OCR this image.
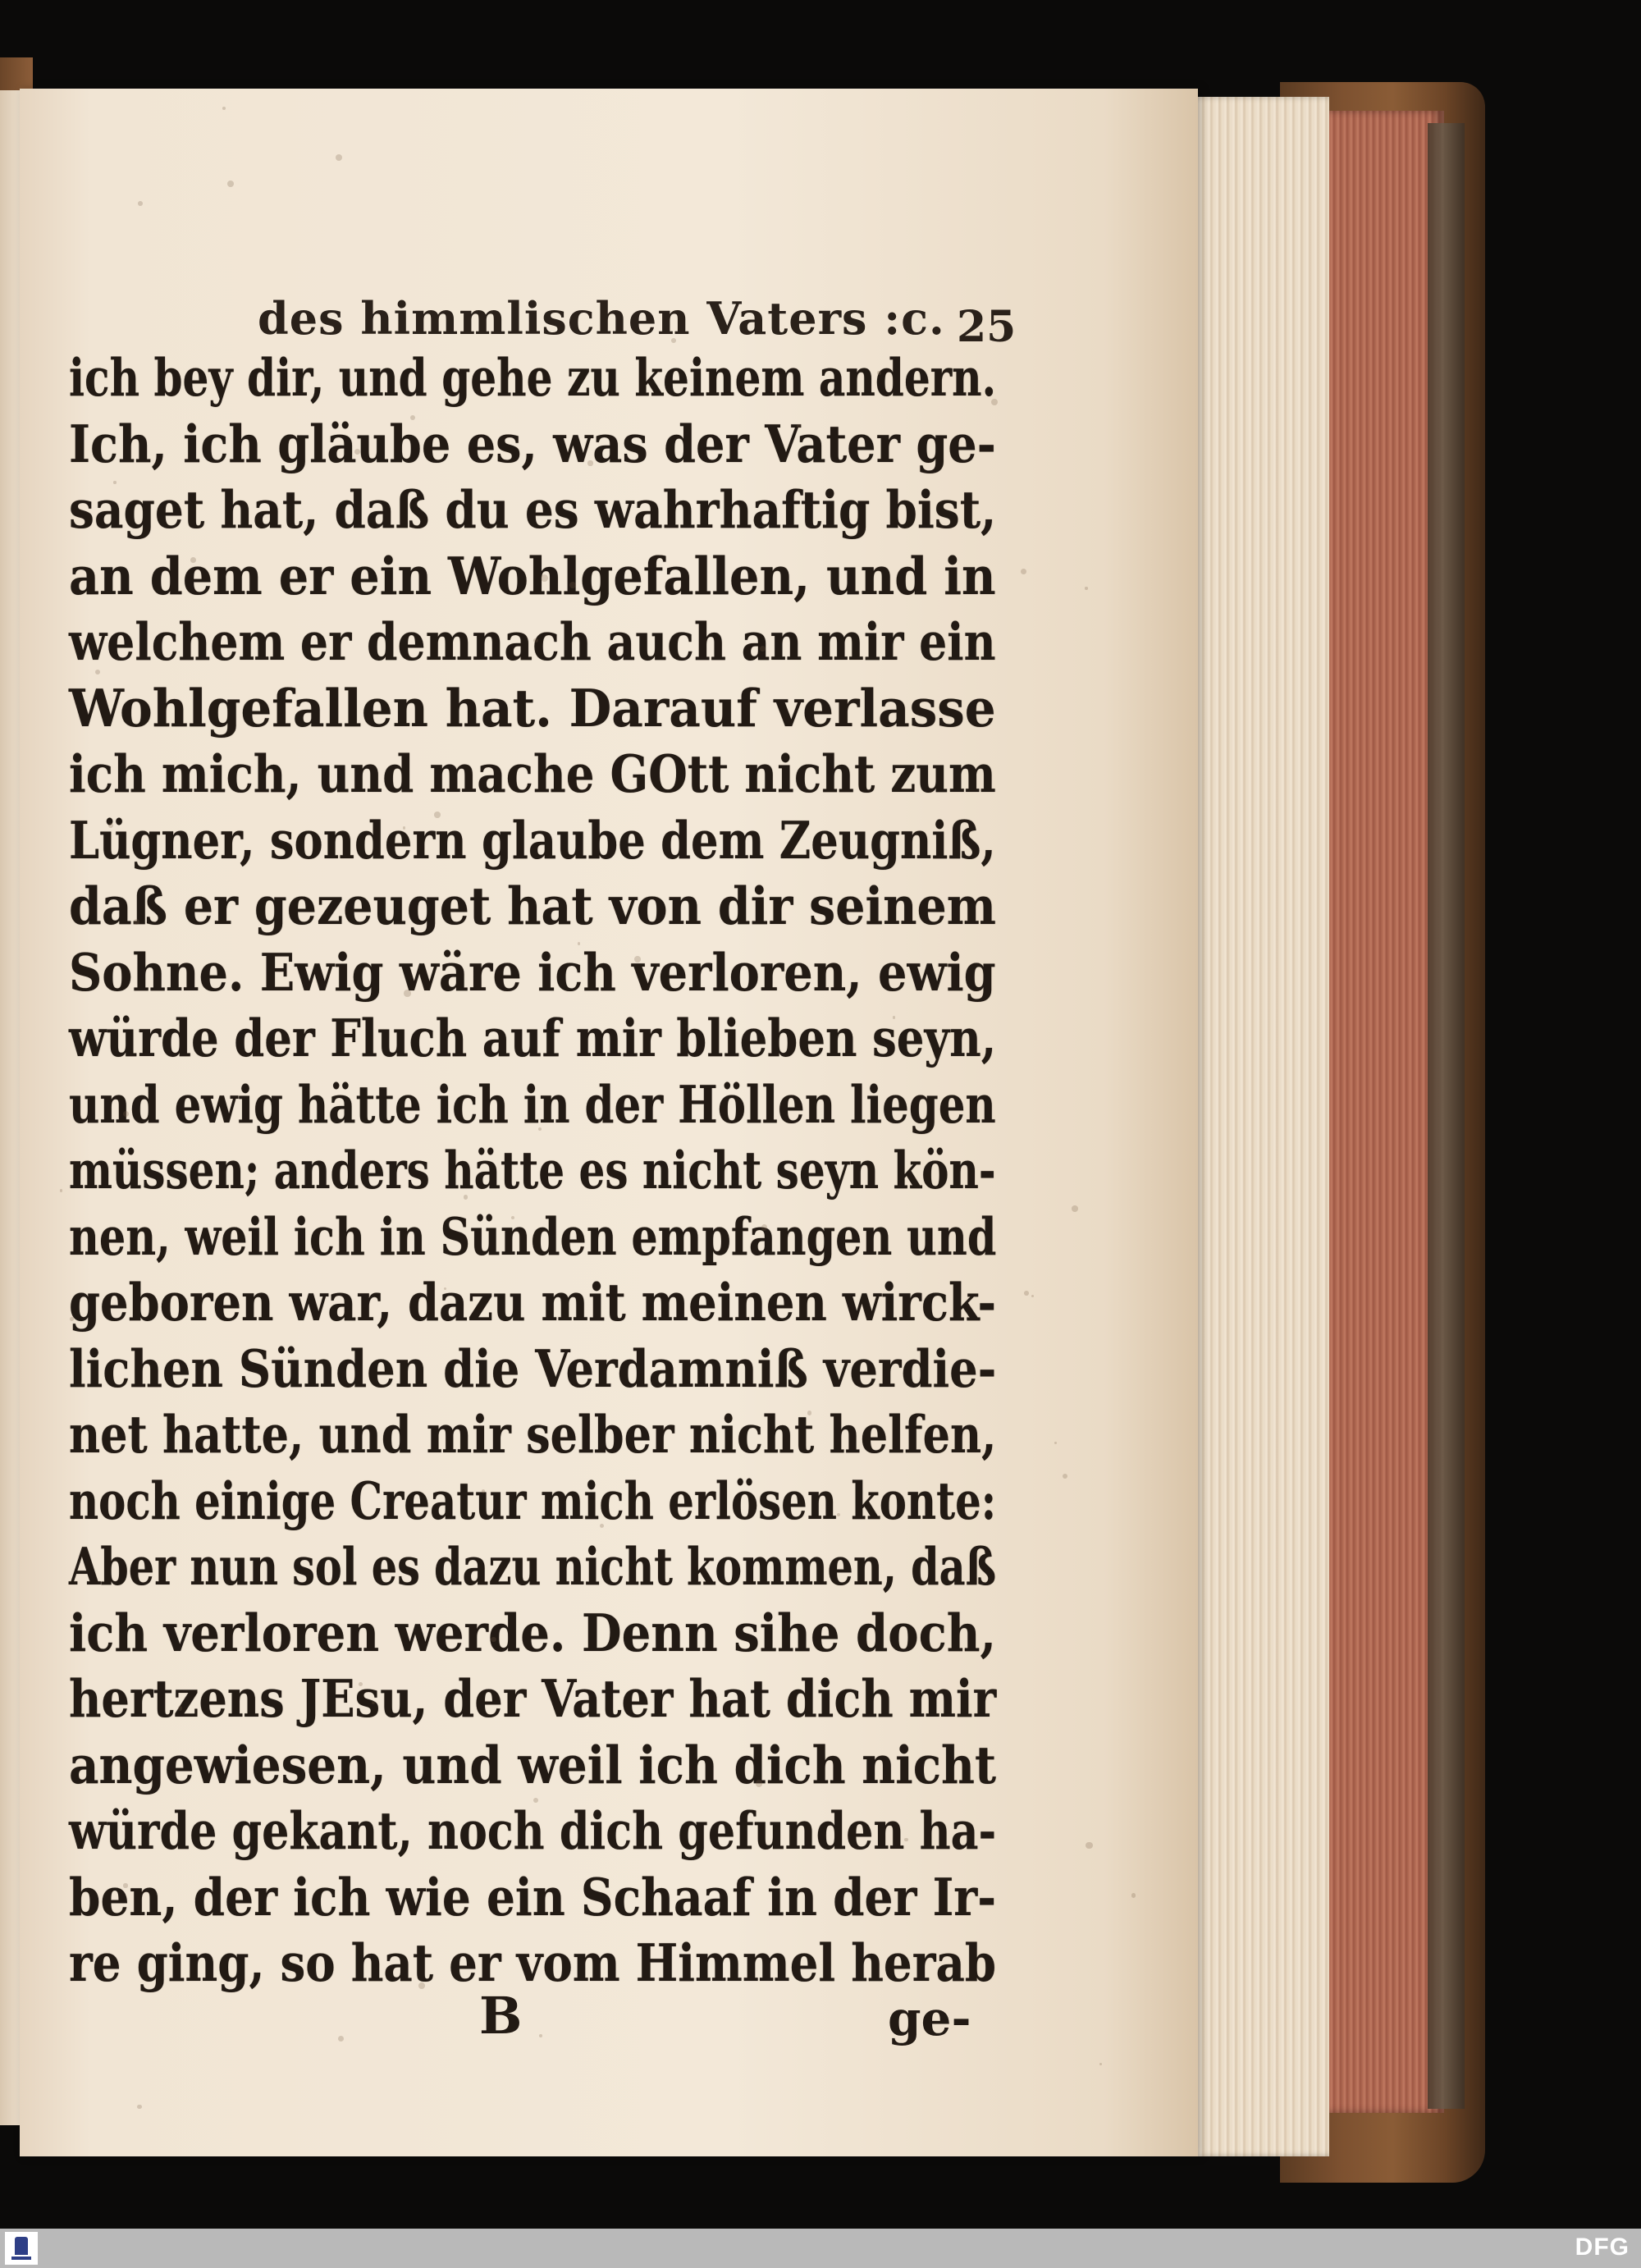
des himmlischen Vaters :c. 25
ich bey dir, und gehe zu keinem andern.
Ich, ich gläube es, was der Vater ge-
saget hat, daß du es wahrhaftig bist,
an dem er ein Wohlgefallen, und in
welchem er demnach auch an mir ein
Wohlgefallen hat. Darauf verlasse
ich mich, und mache GOtt nicht zum
Lügner, sondern glaube dem Zeugniß,
daß er gezeuget hat von dir seinem
Sohne. Ewig wäre ich verloren, ewig
würde der Fluch auf mir blieben seyn,
und ewig hätte ich in der Höllen liegen
müssen; anders hätte es nicht seyn kön-
nen, weil ich in Sünden empfangen und
geboren war, dazu mit meinen wirck-
lichen Sünden die Verdamniß verdie-
net hatte, und mir selber nicht helfen,
noch einige Creatur mich erlösen konte:
Aber nun sol es dazu nicht kommen, daß
ich verloren werde. Denn sihe doch,
hertzens JEsu, der Vater hat dich mir
angewiesen, und weil ich dich nicht
würde gekant, noch dich gefunden ha-
ben, der ich wie ein Schaaf in der Ir-
re ging, so hat er vom Himmel herab
B	ge-
DFG
